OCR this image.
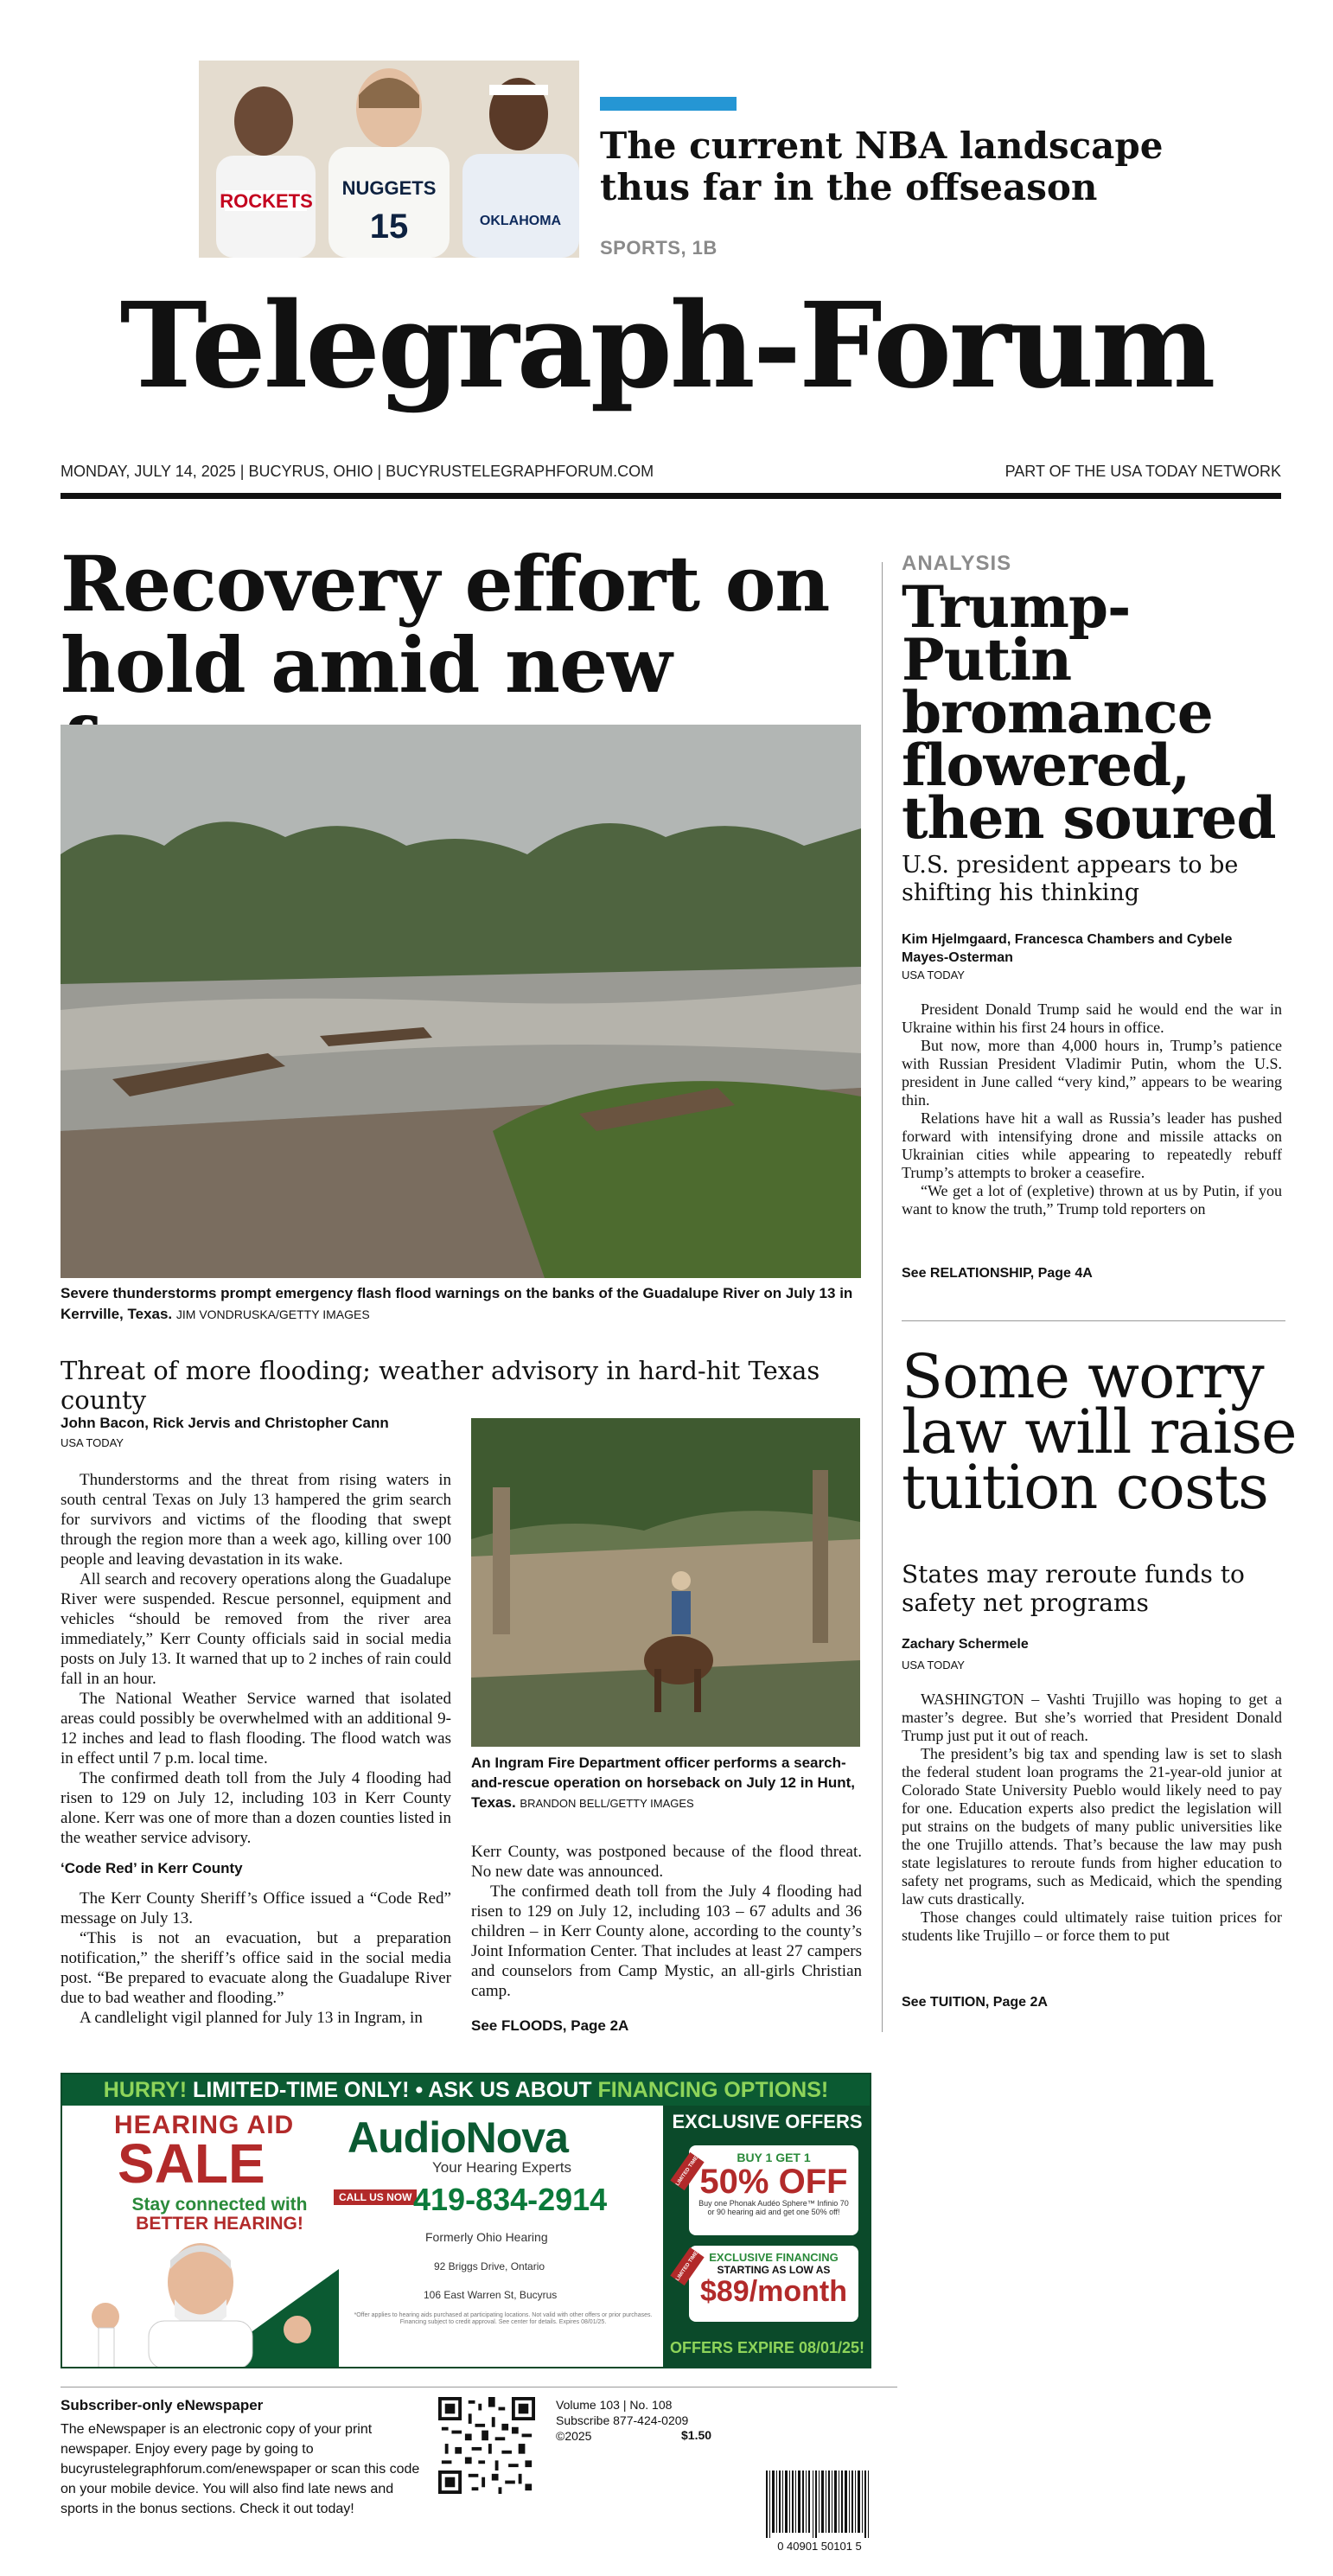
ROCKETS
NUGGETS
15	OKLAHOMA
The current NBA landscape thus far in the offseason
SPORTS, 1B
Telegraph-Forum
MONDAY, JULY 14, 2025 | BUCYRUS, OHIO | BUCYRUSTELEGRAPHFORUM.COM	PART OF THE USA TODAY NETWORK
Recovery effort on hold amid new
Severe thunderstorms prompt emergency flash flood warnings on the banks of the Guadalupe River on July 13 in Kerrville, Texas. JIM VONDRUSKA/GETTY IMAGES
Threat of more flooding; weather advisory in hard-hit Texas county
John Bacon, Rick Jervis and Christopher Cann
USA TODAY

Thunderstorms and the threat from rising waters in south central Texas on July 13 hampered the grim search for survivors and victims of the flooding that swept through the region more than a week ago, killing over 100 people and leaving devastation in its wake.

All search and recovery operations along the Guadalupe River were suspended. Rescue personnel, equipment and vehicles “should be removed from the river area immediately,” Kerr County officials said in social media posts on July 13. It warned that up to 2 inches of rain could fall in an hour.

The National Weather Service warned that isolated areas could possibly be overwhelmed with an additional 9-12 inches and lead to flash flooding. The flood watch was in effect until 7 p.m. local time.

The confirmed death toll from the July 4 flooding had risen to 129 on July 12, including 103 in Kerr County alone. Kerr was one of more than a dozen counties listed in the weather service advisory.

‘Code Red’ in Kerr County

The Kerr County Sheriff’s Office issued a “Code Red” message on July 13.

“This is not an evacuation, but a preparation notification,” the sheriff’s office said in the social media post. “Be prepared to evacuate along the Guadalupe River due to bad weather and flooding.”

A candlelight vigil planned for July 13 in Ingram, in

An Ingram Fire Department officer performs a search-and-rescue operation on horseback on July 12 in Hunt, Texas. BRANDON BELL/GETTY IMAGES

Kerr County, was postponed because of the flood threat. No new date was announced.

The confirmed death toll from the July 4 flooding had risen to 129 on July 12, including 103 – 67 adults and 36 children – in Kerr County alone, according to the county’s Joint Information Center. That includes at least 27 campers and counselors from Camp Mystic, an all-girls Christian camp.

See FLOODS, Page 2A
ANALYSIS
Trump-Putin bromance flowered, then soured
U.S. president appears to be shifting his thinking
Kim Hjelmgaard, Francesca Chambers and Cybele Mayes-Osterman
USA TODAY

President Donald Trump said he would end the war in Ukraine within his first 24 hours in office.

But now, more than 4,000 hours in, Trump’s patience with Russian President Vladimir Putin, whom the U.S. president in June called “very kind,” appears to be wearing thin.

Relations have hit a wall as Russia’s leader has pushed forward with intensifying drone and missile attacks on Ukrainian cities while appearing to repeatedly rebuff Trump’s attempts to broker a ceasefire.

“We get a lot of (expletive) thrown at us by Putin, if you want to know the truth,” Trump told reporters on

See RELATIONSHIP, Page 4A
Some worry law will raise tuition costs
States may reroute funds to safety net programs
Zachary Schermele
USA TODAY

WASHINGTON – Vashti Trujillo was hoping to get a master’s degree. But she’s worried that President Donald Trump just put it out of reach.

The president’s big tax and spending law is set to slash the federal student loan programs the 21-year-old junior at Colorado State University Pueblo would likely need to pay for one. Education experts also predict the legislation will put strains on the budgets of many public universities like the one Trujillo attends. That’s because the law may push state legislatures to reroute funds from higher education to safety net programs, such as Medicaid, which the spending law cuts drastically.

Those changes could ultimately raise tuition prices for students like Trujillo – or force them to put

See TUITION, Page 2A
HURRY! LIMITED-TIME ONLY! • ASK US ABOUT FINANCING OPTIONS!
HEARING AID
SALE
Stay connected with
BETTER HEARING!
AudioNova
Your Hearing Experts
CALL US NOW 419-834-2914
Formerly Ohio Hearing
92 Briggs Drive, Ontario
106 East Warren St, Bucyrus
*Offer applies to hearing aids purchased at participating locations. Not valid with other offers or prior purchases. Financing subject to credit approval. See center for details. Expires 08/01/25.
EXCLUSIVE OFFERS
LIMITED TIME	BUY 1 GET 1
50% OFF
Buy one Phonak Audéo Sphere™ Infinio 70 or 90 hearing aid and get one 50% off!
LIMITED TIME EXCLUSIVE FINANCING
STARTING AS LOW AS
$89/month
OFFERS EXPIRE 08/01/25!
Subscriber-only eNewspaper
The eNewspaper is an electronic copy of your print newspaper. Enjoy every page by going to bucyrustelegraphforum.com/enewspaper or scan this code on your mobile device. You will also find late news and sports in the bonus sections. Check it out today!
Volume 103 | No. 108
Subscribe 877-424-0209
©2025	$1.50
0 40901 50101 5
